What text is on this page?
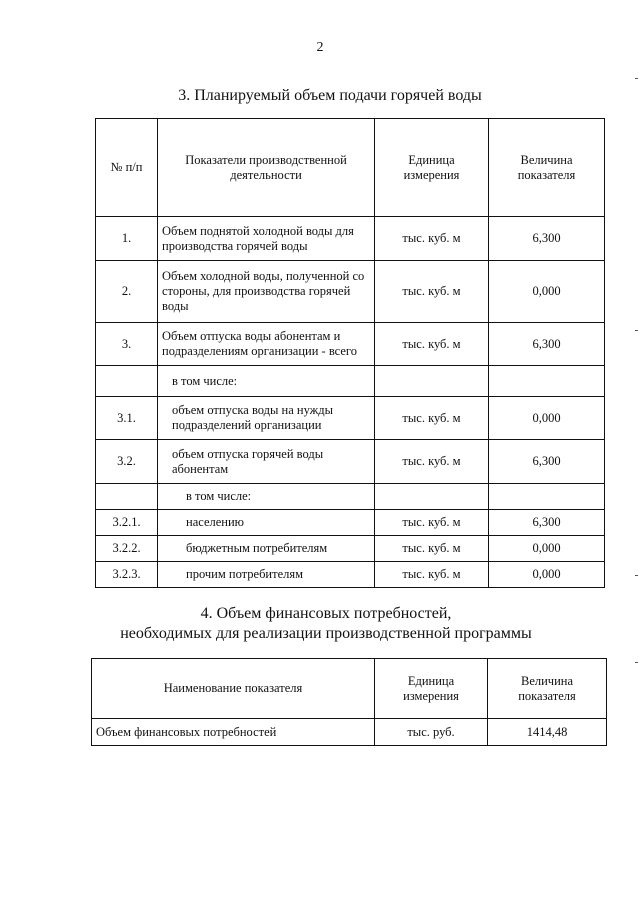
2
3. Планируемый объем подачи горячей воды
№ п/п	Показатели производственной деятельности	Единица измерения	Величина показателя
1.	Объем поднятой холодной воды для производства горячей воды	тыс. куб. м	6,300
2.	Объем холодной воды, полученной со стороны, для производства горячей воды	тыс. куб. м	0,000
3.	Объем отпуска воды абонентам и подразделениям организации - всего	тыс. куб. м	6,300
	в том числе:		
3.1.	объем отпуска воды на нужды подразделений организации	тыс. куб. м	0,000
3.2.	объем отпуска горячей воды абонентам	тыс. куб. м	6,300
	в том числе:		
3.2.1.	населению	тыс. куб. м	6,300
3.2.2.	бюджетным потребителям	тыс. куб. м	0,000
3.2.3.	прочим потребителям	тыс. куб. м	0,000
4. Объем финансовых потребностей,
необходимых для реализации производственной программы
Наименование показателя	Единица измерения	Величина показателя
Объем финансовых потребностей	тыс. руб.	1414,48
